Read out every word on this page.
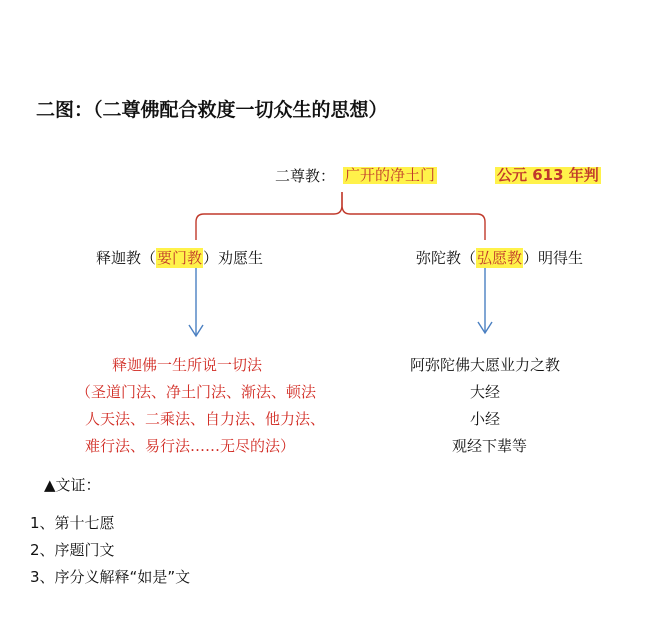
二图：（二尊佛配合救度一切众生的思想）
二尊教： 广开的净土门	公元 613 年判
释迦教（要门教）劝愿生	弥陀教（弘愿教）明得生
释迦佛一生所说一切法
（圣道门法、净土门法、渐法、顿法
人天法、二乘法、自力法、他力法、
难行法、易行法……无尽的法）
阿弥陀佛大愿业力之教
大经
小经
观经下辈等
▲文证：
1、第十七愿
2、序题门文
3、序分义解释“如是”文
